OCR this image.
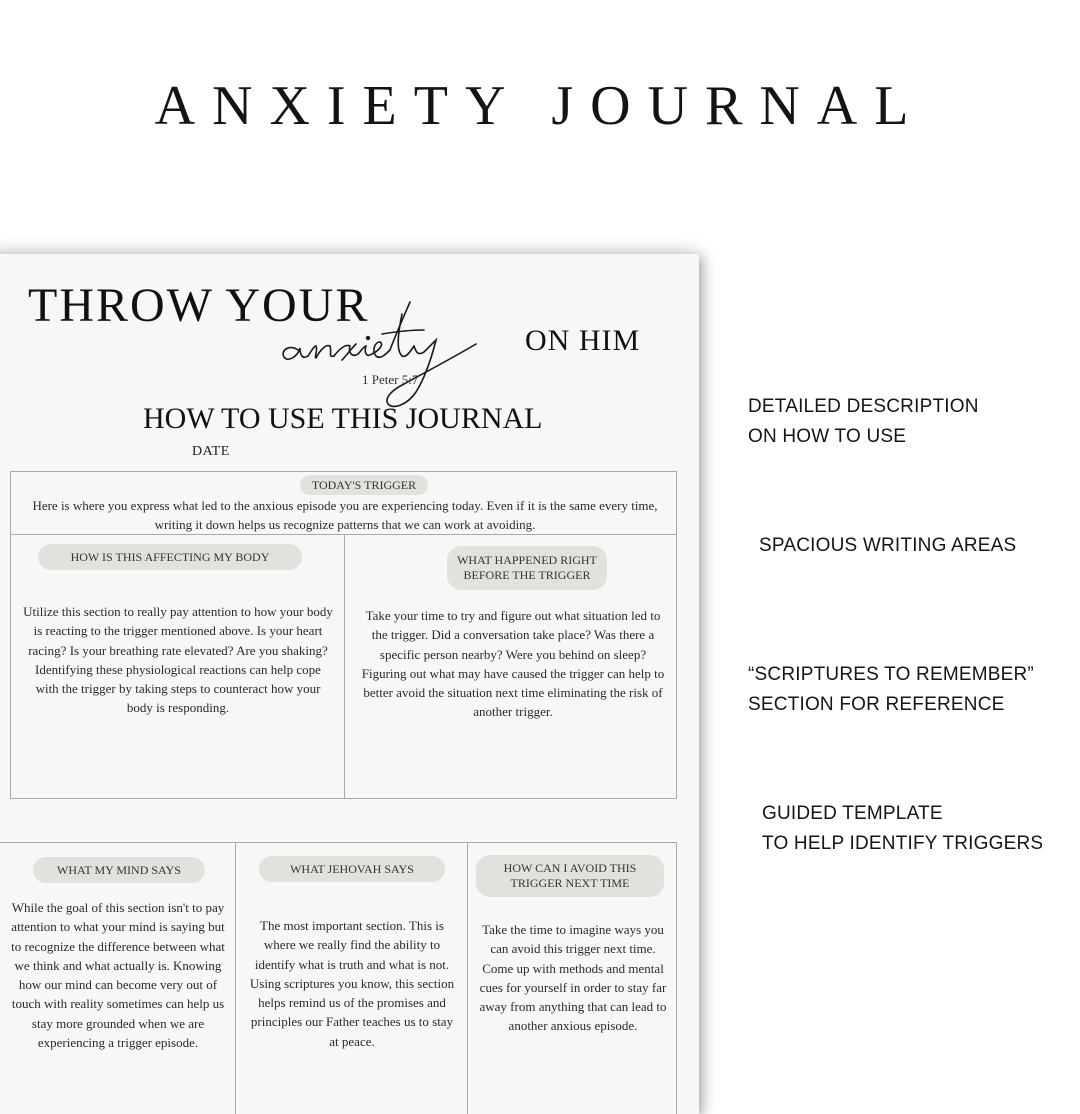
ANXIETY JOURNAL
THROW YOUR
ON HIM
1 Peter 5:7
HOW TO USE THIS JOURNAL
DATE
TODAY'S TRIGGER
Here is where you express what led to the anxious episode you are experiencing today. Even if it is the same every time, writing it down helps us recognize patterns that we can work at avoiding.
HOW IS THIS AFFECTING MY BODY
Utilize this section to really pay attention to how your body is reacting to the trigger mentioned above. Is your heart racing? Is your breathing rate elevated? Are you shaking? Identifying these physiological reactions can help cope with the trigger by taking steps to counteract how your body is responding.
WHAT HAPPENED RIGHT BEFORE THE TRIGGER
Take your time to try and figure out what situation led to the trigger. Did a conversation take place? Was there a specific person nearby? Were you behind on sleep? Figuring out what may have caused the trigger can help to better avoid the situation next time eliminating the risk of another trigger.
WHAT MY MIND SAYS
While the goal of this section isn't to pay attention to what your mind is saying but to recognize the difference between what we think and what actually is. Knowing how our mind can become very out of touch with reality sometimes can help us stay more grounded when we are experiencing a trigger episode.
WHAT JEHOVAH SAYS
The most important section. This is where we really find the ability to identify what is truth and what is not. Using scriptures you know, this section helps remind us of the promises and principles our Father teaches us to stay at peace.
HOW CAN I AVOID THIS TRIGGER NEXT TIME
Take the time to imagine ways you can avoid this trigger next time. Come up with methods and mental cues for yourself in order to stay far away from anything that can lead to another anxious episode.
DETAILED DESCRIPTION
ON HOW TO USE
SPACIOUS WRITING AREAS
“SCRIPTURES TO REMEMBER”
SECTION FOR REFERENCE
GUIDED TEMPLATE
TO HELP IDENTIFY TRIGGERS
